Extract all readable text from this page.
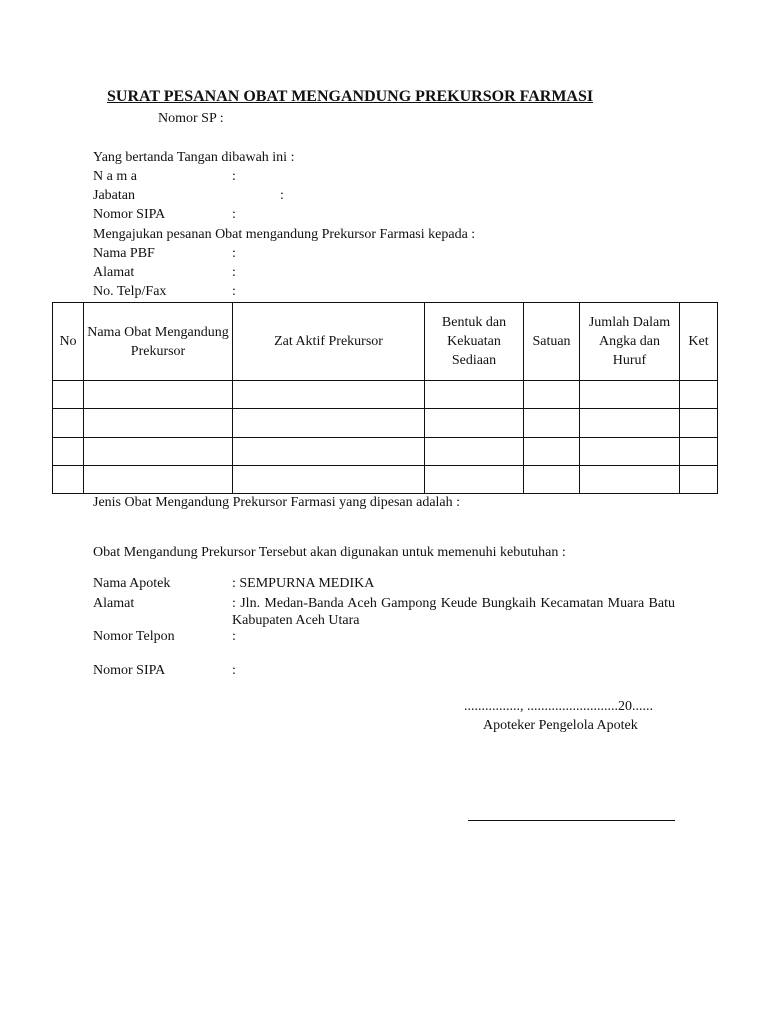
SURAT PESANAN OBAT MENGANDUNG PREKURSOR FARMASI
Nomor SP :
Yang bertanda Tangan dibawah ini :
N a m a	:
Jabatan	:
Nomor SIPA	:
Mengajukan pesanan Obat mengandung Prekursor Farmasi kepada :
Nama PBF	:
Alamat	:
No. Telp/Fax	:
No	Nama Obat Mengandung Prekursor	Zat Aktif Prekursor	Bentuk dan Kekuatan Sediaan	Satuan	Jumlah Dalam Angka dan Huruf	Ket

Jenis Obat Mengandung Prekursor Farmasi yang dipesan adalah :
Obat Mengandung Prekursor Tersebut akan digunakan untuk memenuhi kebutuhan :
Nama Apotek	: SEMPURNA MEDIKA
Alamat	: Jln. Medan-Banda Aceh Gampong Keude Bungkaih Kecamatan Muara Batu Kabupaten Aceh Utara
Nomor Telpon	:
Nomor SIPA	:
................, ..........................20......
Apoteker Pengelola Apotek
